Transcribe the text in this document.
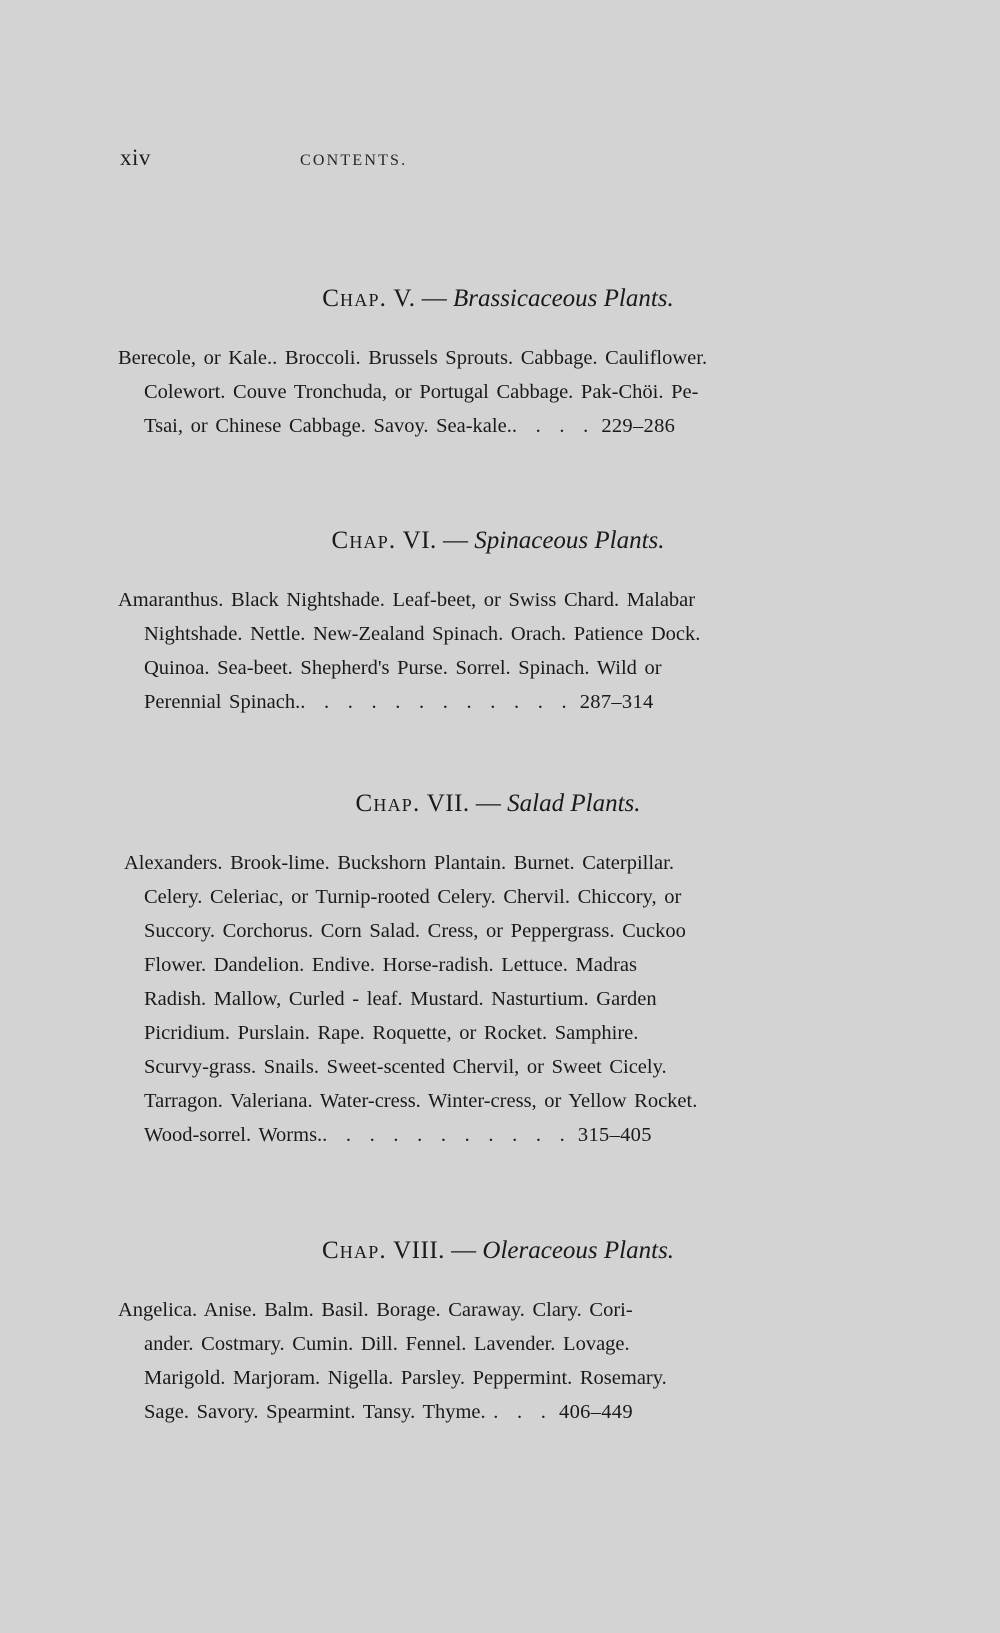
xiv	CONTENTS.
Chap. V. — Brassicaceous Plants.
Berecole, or Kale.. Broccoli. Brussels Sprouts. Cabbage. Cauliflower.
Colewort. Couve Tronchuda, or Portugal Cabbage. Pak-Chöi. Pe-
Tsai, or Chinese Cabbage. Savoy. Sea-kale.. . . . 229–286
Chap. VI. — Spinaceous Plants.
Amaranthus. Black Nightshade. Leaf-beet, or Swiss Chard. Malabar
Nightshade. Nettle. New-Zealand Spinach. Orach. Patience Dock.
Quinoa. Sea-beet. Shepherd's Purse. Sorrel. Spinach. Wild or
Perennial Spinach.. . . . . . . . . . . . 287–314
Chap. VII. — Salad Plants.
Alexanders. Brook-lime. Buckshorn Plantain. Burnet. Caterpillar.
Celery. Celeriac, or Turnip-rooted Celery. Chervil. Chiccory, or
Succory. Corchorus. Corn Salad. Cress, or Peppergrass. Cuckoo
Flower. Dandelion. Endive. Horse-radish. Lettuce. Madras
Radish. Mallow, Curled - leaf. Mustard. Nasturtium. Garden
Picridium. Purslain. Rape. Roquette, or Rocket. Samphire.
Scurvy-grass. Snails. Sweet-scented Chervil, or Sweet Cicely.
Tarragon. Valeriana. Water-cress. Winter-cress, or Yellow Rocket.
Wood-sorrel. Worms.. . . . . . . . . . . 315–405
Chap. VIII. — Oleraceous Plants.
Angelica. Anise. Balm. Basil. Borage. Caraway. Clary. Cori-
ander. Costmary. Cumin. Dill. Fennel. Lavender. Lovage.
Marigold. Marjoram. Nigella. Parsley. Peppermint. Rosemary.
Sage. Savory. Spearmint. Tansy. Thyme. . . . 406–449
